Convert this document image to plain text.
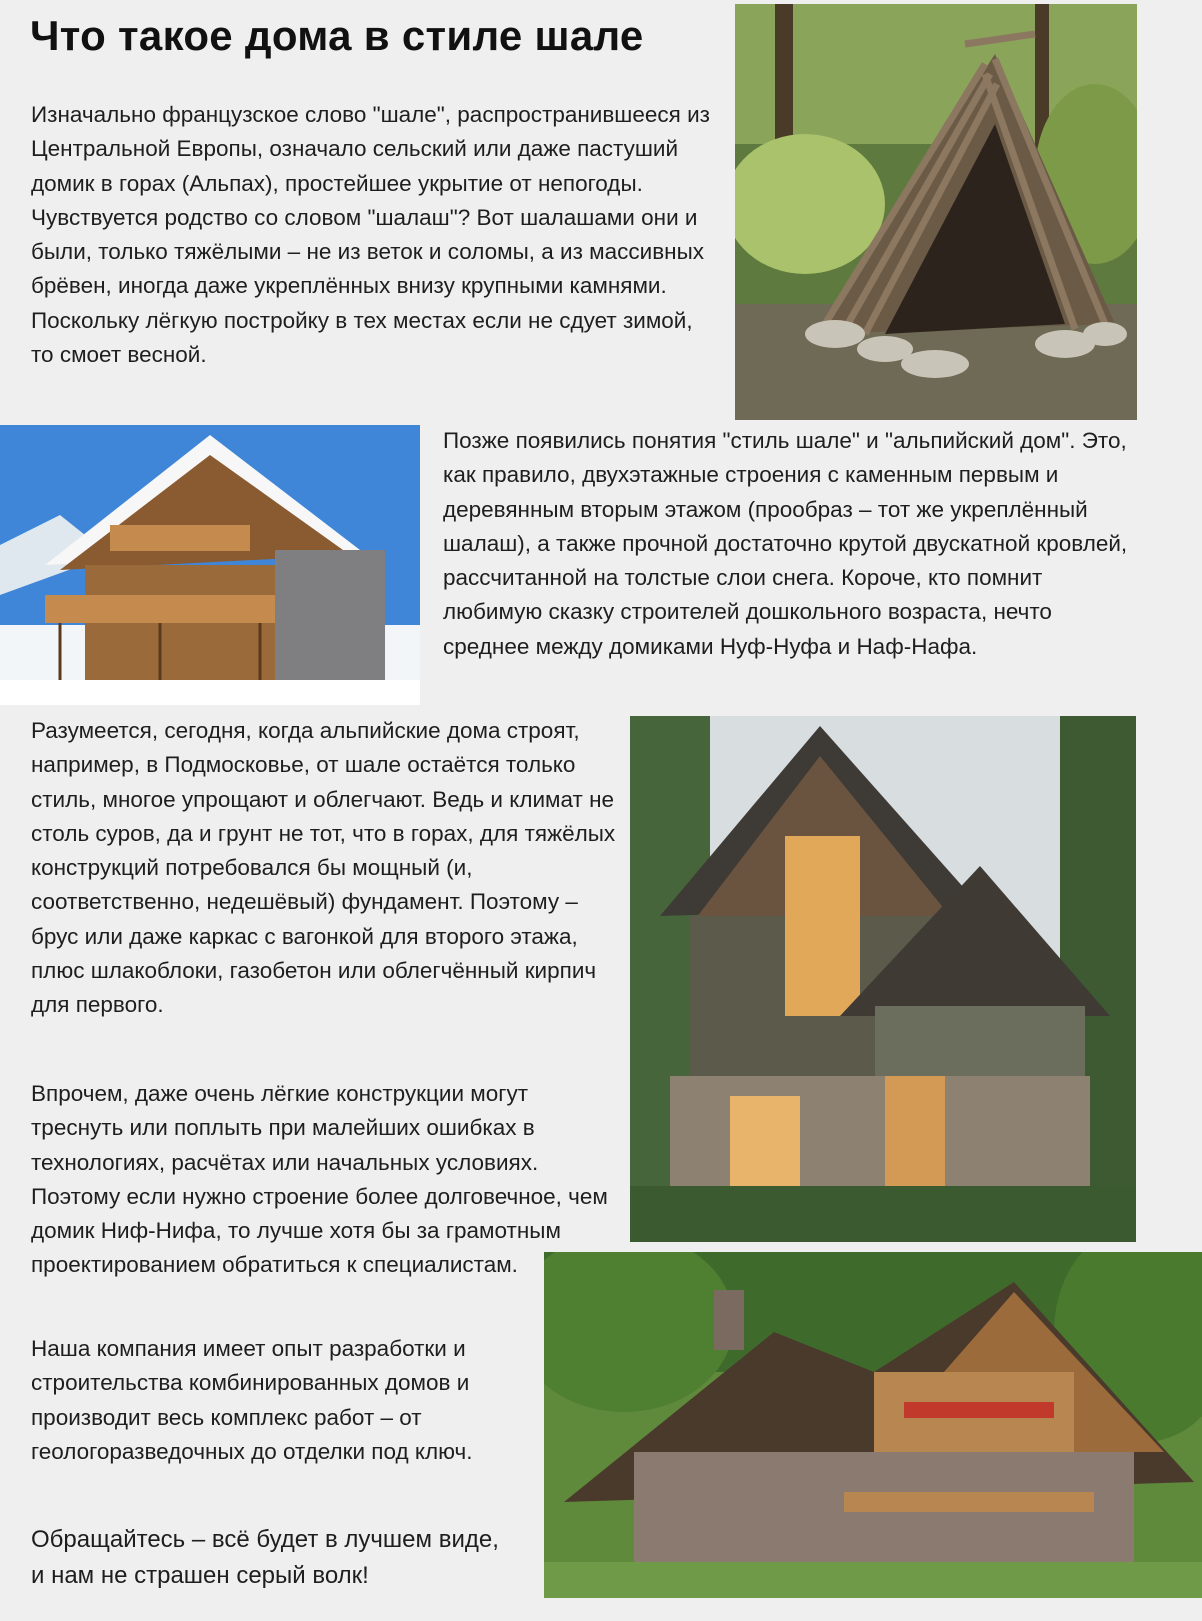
Что такое дома в стиле шале

Изначально французское слово "шале", распространившееся из Центральной Европы, означало сельский или даже пастуший домик в горах (Альпах), простейшее укрытие от непогоды. Чувствуется родство со словом "шалаш"? Вот шалашами они и были, только тяжёлыми – не из веток и соломы, а из массивных брёвен, иногда даже укреплённых внизу крупными камнями. Поскольку лёгкую постройку в тех местах если не сдует зимой, то смоет весной.

Позже появились понятия "стиль шале" и "альпийский дом". Это, как правило, двухэтажные строения с каменным первым и деревянным вторым этажом (прообраз – тот же укреплённый шалаш), а также прочной достаточно крутой двускатной кровлей, рассчитанной на толстые слои снега. Короче, кто помнит любимую сказку строителей дошкольного возраста, нечто среднее между домиками Нуф-Нуфа и Наф-Нафа.

Разумеется, сегодня, когда альпийские дома строят, например, в Подмосковье, от шале остаётся только стиль, многое упрощают и облегчают. Ведь и климат не столь суров, да и грунт не тот, что в горах, для тяжёлых конструкций потребовался бы мощный (и, соответственно, недешёвый) фундамент. Поэтому – брус или даже каркас с вагонкой для второго этажа, плюс шлакоблоки, газобетон или облегчённый кирпич для первого.

Впрочем, даже очень лёгкие конструкции могут треснуть или поплыть при малейших ошибках в технологиях, расчётах или начальных условиях. Поэтому если нужно строение более долговечное, чем домик Ниф-Нифа, то лучше хотя бы за грамотным проектированием обратиться к специалистам.

Наша компания имеет опыт разработки и строительства комбинированных домов и производит весь комплекс работ – от геологоразведочных до отделки под ключ.

Обращайтесь – всё будет в лучшем виде, и нам не страшен серый волк!
